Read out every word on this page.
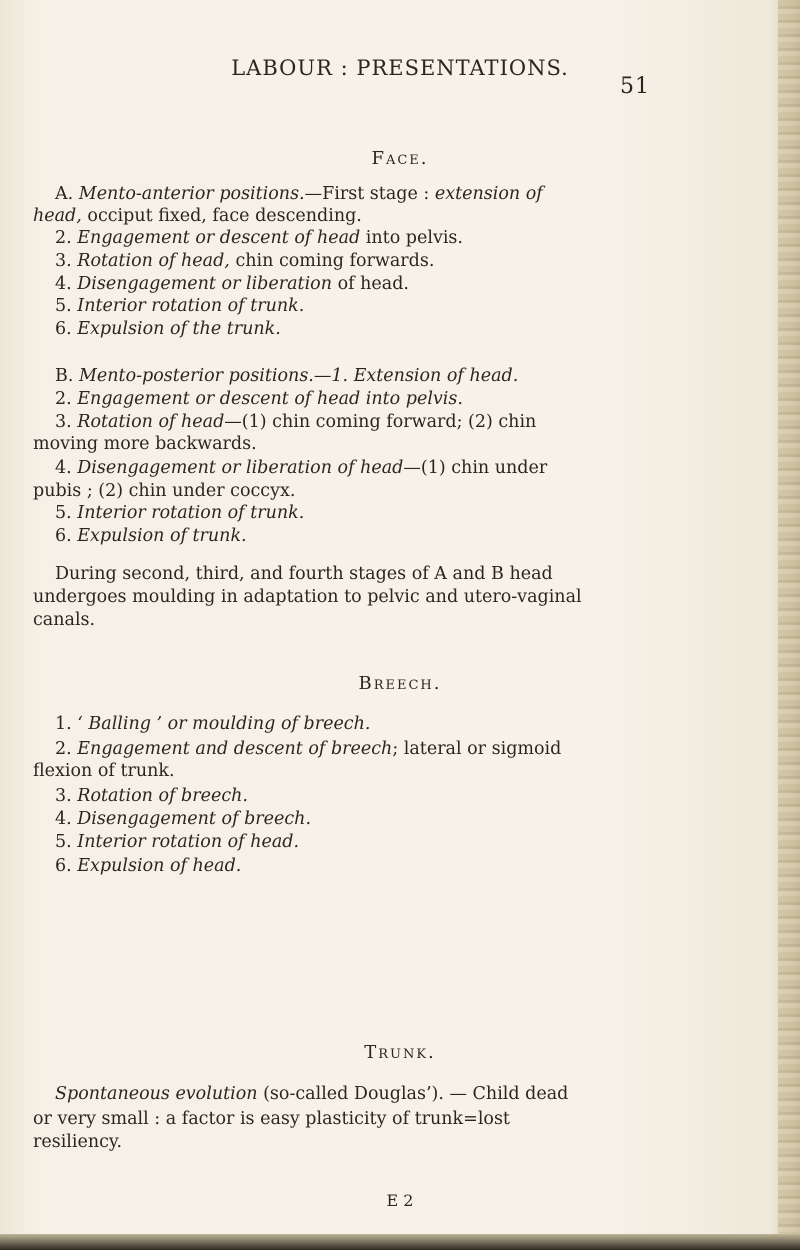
LABOUR : PRESENTATIONS.
51
Face.
A. Mento-anterior positions.—First stage : extension of
head, occiput fixed, face descending.
2. Engagement or descent of head into pelvis.
3. Rotation of head, chin coming forwards.
4. Disengagement or liberation of head.
5. Interior rotation of trunk.
6. Expulsion of the trunk.
B. Mento-posterior positions.—1. Extension of head.
2. Engagement or descent of head into pelvis.
3. Rotation of head—(1) chin coming forward; (2) chin
moving more backwards.
4. Disengagement or liberation of head—(1) chin under
pubis ; (2) chin under coccyx.
5. Interior rotation of trunk.
6. Expulsion of trunk.
During second, third, and fourth stages of A and B head
undergoes moulding in adaptation to pelvic and utero-vaginal
canals.
Breech.
1. ‘ Balling ’ or moulding of breech.
2. Engagement and descent of breech; lateral or sigmoid
flexion of trunk.
3. Rotation of breech.
4. Disengagement of breech.
5. Interior rotation of head.
6. Expulsion of head.
Trunk.
Spontaneous evolution (so-called Douglas’). — Child dead
or very small : a factor is easy plasticity of trunk=lost
resiliency.
E 2
